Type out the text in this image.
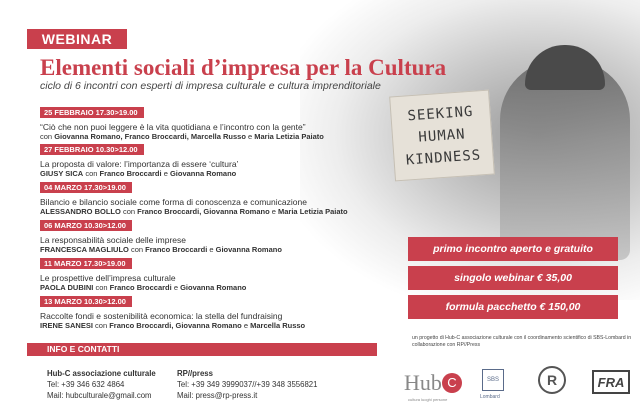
SEEKING
HUMAN
KINDNESS
WEBINAR
Elementi sociali d’impresa per la Cultura
ciclo di 6 incontri con esperti di impresa culturale e cultura imprenditoriale
25 FEBBRAIO 17.30>19.00
“Ciò che non puoi leggere è la vita quotidiana e l’incontro con la gente”
con Giovanna Romano, Franco Broccardi, Marcella Russo e Maria Letizia Paiato
27 FEBBRAIO 10.30>12.00
La proposta di valore: l’importanza di essere ‘cultura’
GIUSY SICA con Franco Broccardi e Giovanna Romano
04 MARZO 17.30>19.00
Bilancio e bilancio sociale come forma di conoscenza e comunicazione
ALESSANDRO BOLLO con Franco Broccardi, Giovanna Romano e Maria Letizia Paiato
06 MARZO 10.30>12.00
La responsabilità sociale delle imprese
FRANCESCA MAGLIULO con Franco Broccardi e Giovanna Romano
11 MARZO 17.30>19.00
Le prospettive dell’impresa culturale
PAOLA DUBINI con Franco Broccardi e Giovanna Romano
13 MARZO 10.30>12.00
Raccolte fondi e sostenibilità economica: la stella del fundraising
IRENE SANESI con Franco Broccardi, Giovanna Romano e Marcella Russo
primo incontro aperto e gratuito
singolo webinar € 35,00
formula pacchetto € 150,00
INFO E CONTATTI
Hub-C associazione culturale
Tel: +39 346 632 4864
Mail: hubculturale@gmail.com
RP//press
Tel: +39 349 3999037//+39 348 3556821
Mail: press@rp-press.it
un progetto di Hub-C associazione culturale con il coordinamento scientifico di SBS-Lombard in collaborazione con RP//Press
Hub C
cultura luoghi persone
SBS
Lombard
R	FRA
